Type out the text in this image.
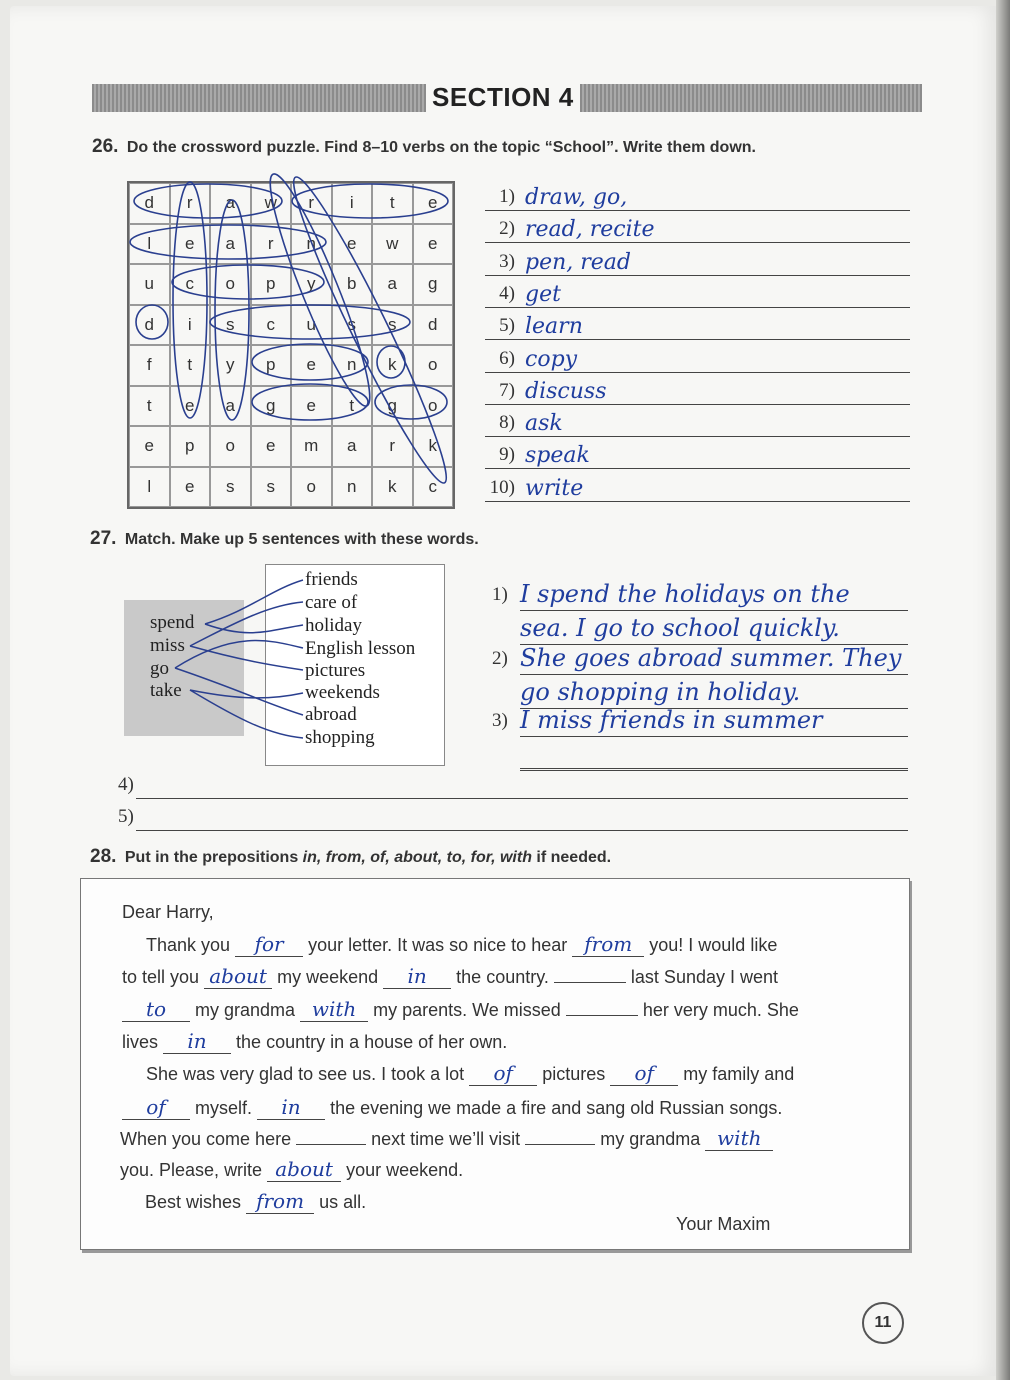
SECTION 4
26. Do the crossword puzzle. Find 8–10 verbs on the topic “School”. Write them down.
d	r	a	w	r	i	t	e
l	e	a	r	n	e	w	e
u	c	o	p	y	b	a	g
d	i	s	c	u	s	s	d
f	t	y	p	e	n	k	o
t	e	a	g	e	t	g	o
e	p	o	e	m	a	r	k
l	e	s	s	o	n	k	c
1) draw, go,
2) read, recite
3) pen, read
4) get
5) learn
6) copy
7) discuss
8) ask
9) speak
10) write
27. Match. Make up 5 sentences with these words.
spend
miss
go
take
friends
care of
holiday
English lesson
pictures
weekends
abroad
shopping
I spend the holidays on the
1)
sea. I go to school quickly.
She goes abroad summer. They
2)
go shopping in holiday.
I miss friends in summer
3)
4)
5)
28. Put in the prepositions in, from, of, about, to, for, with if needed.
Dear Harry,
Thank you for your letter. It was so nice to hear from you! I would like
to tell you about my weekend in the country.	last Sunday I went
to my grandma with my parents. We missed	her very much. She
lives in the country in a house of her own.
She was very glad to see us. I took a lot of pictures of my family and
of myself. in the evening we made a fire and sang old Russian songs.
When you come here	next time we’ll visit	my grandma with
you. Please, write about your weekend.
Best wishes from us all.
Your Maxim
11
